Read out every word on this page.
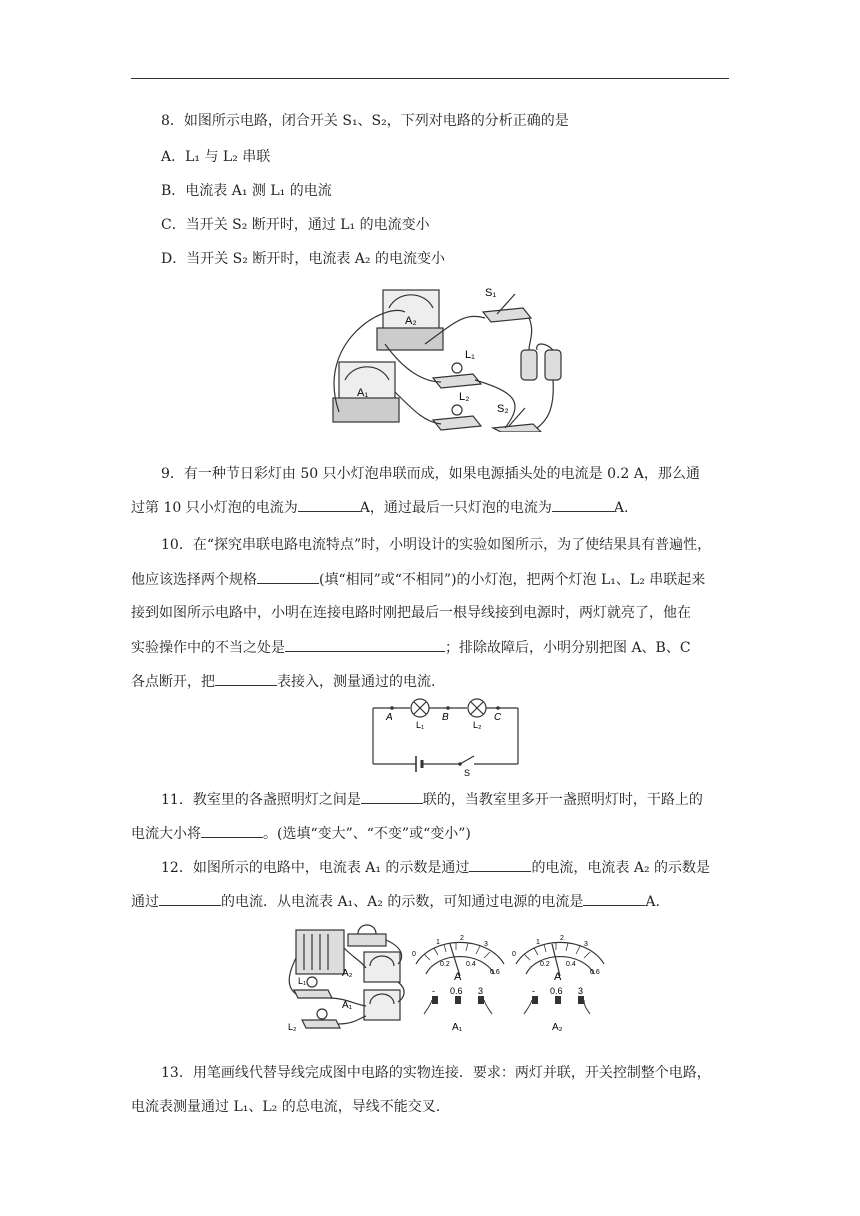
8．如图所示电路，闭合开关 S₁、S₂，下列对电路的分析正确的是
A．L₁ 与 L₂ 串联
B．电流表 A₁ 测 L₁ 的电流
C．当开关 S₂ 断开时，通过 L₁ 的电流变小
D．当开关 S₂ 断开时，电流表 A₂ 的电流变小
A₂
S₁
L₁
A₁	L₂
S₂
9．有一种节日彩灯由 50 只小灯泡串联而成，如果电源插头处的电流是 0.2 A，那么通
过第 10 只小灯泡的电流为	A，通过最后一只灯泡的电流为	A.
10．在“探究串联电路电流特点”时，小明设计的实验如图所示，为了使结果具有普遍性，
他应该选择两个规格	(填“相同”或“不相同”)的小灯泡，把两个灯泡 L₁、L₂ 串联起来
接到如图所示电路中，小明在连接电路时刚把最后一根导线接到电源时，两灯就亮了，他在
实验操作中的不当之处是	；排除故障后，小明分别把图 A、B、C
各点断开，把	表接入，测量通过的电流.
A	B	C
L₁	L₂
S
11．教室里的各盏照明灯之间是	联的，当教室里多开一盏照明灯时，干路上的
电流大小将	。(选填“变大”、“不变”或“变小”)
12．如图所示的电路中，电流表 A₁ 的示数是通过	的电流，电流表 A₂ 的示数是
通过	的电流．从电流表 A₁、A₂ 的示数，可知通过电源的电流是	A.
A₂
L₁
A₁
L₂
0
1
2
3
0.2 0.4
0.6
A
- 0.6 3
A₁
0
1
2
3
0.2 0.4
0.6
A
- 0.6 3
A₂
13．用笔画线代替导线完成图中电路的实物连接．要求：两灯并联，开关控制整个电路，
电流表测量通过 L₁、L₂ 的总电流，导线不能交叉.
